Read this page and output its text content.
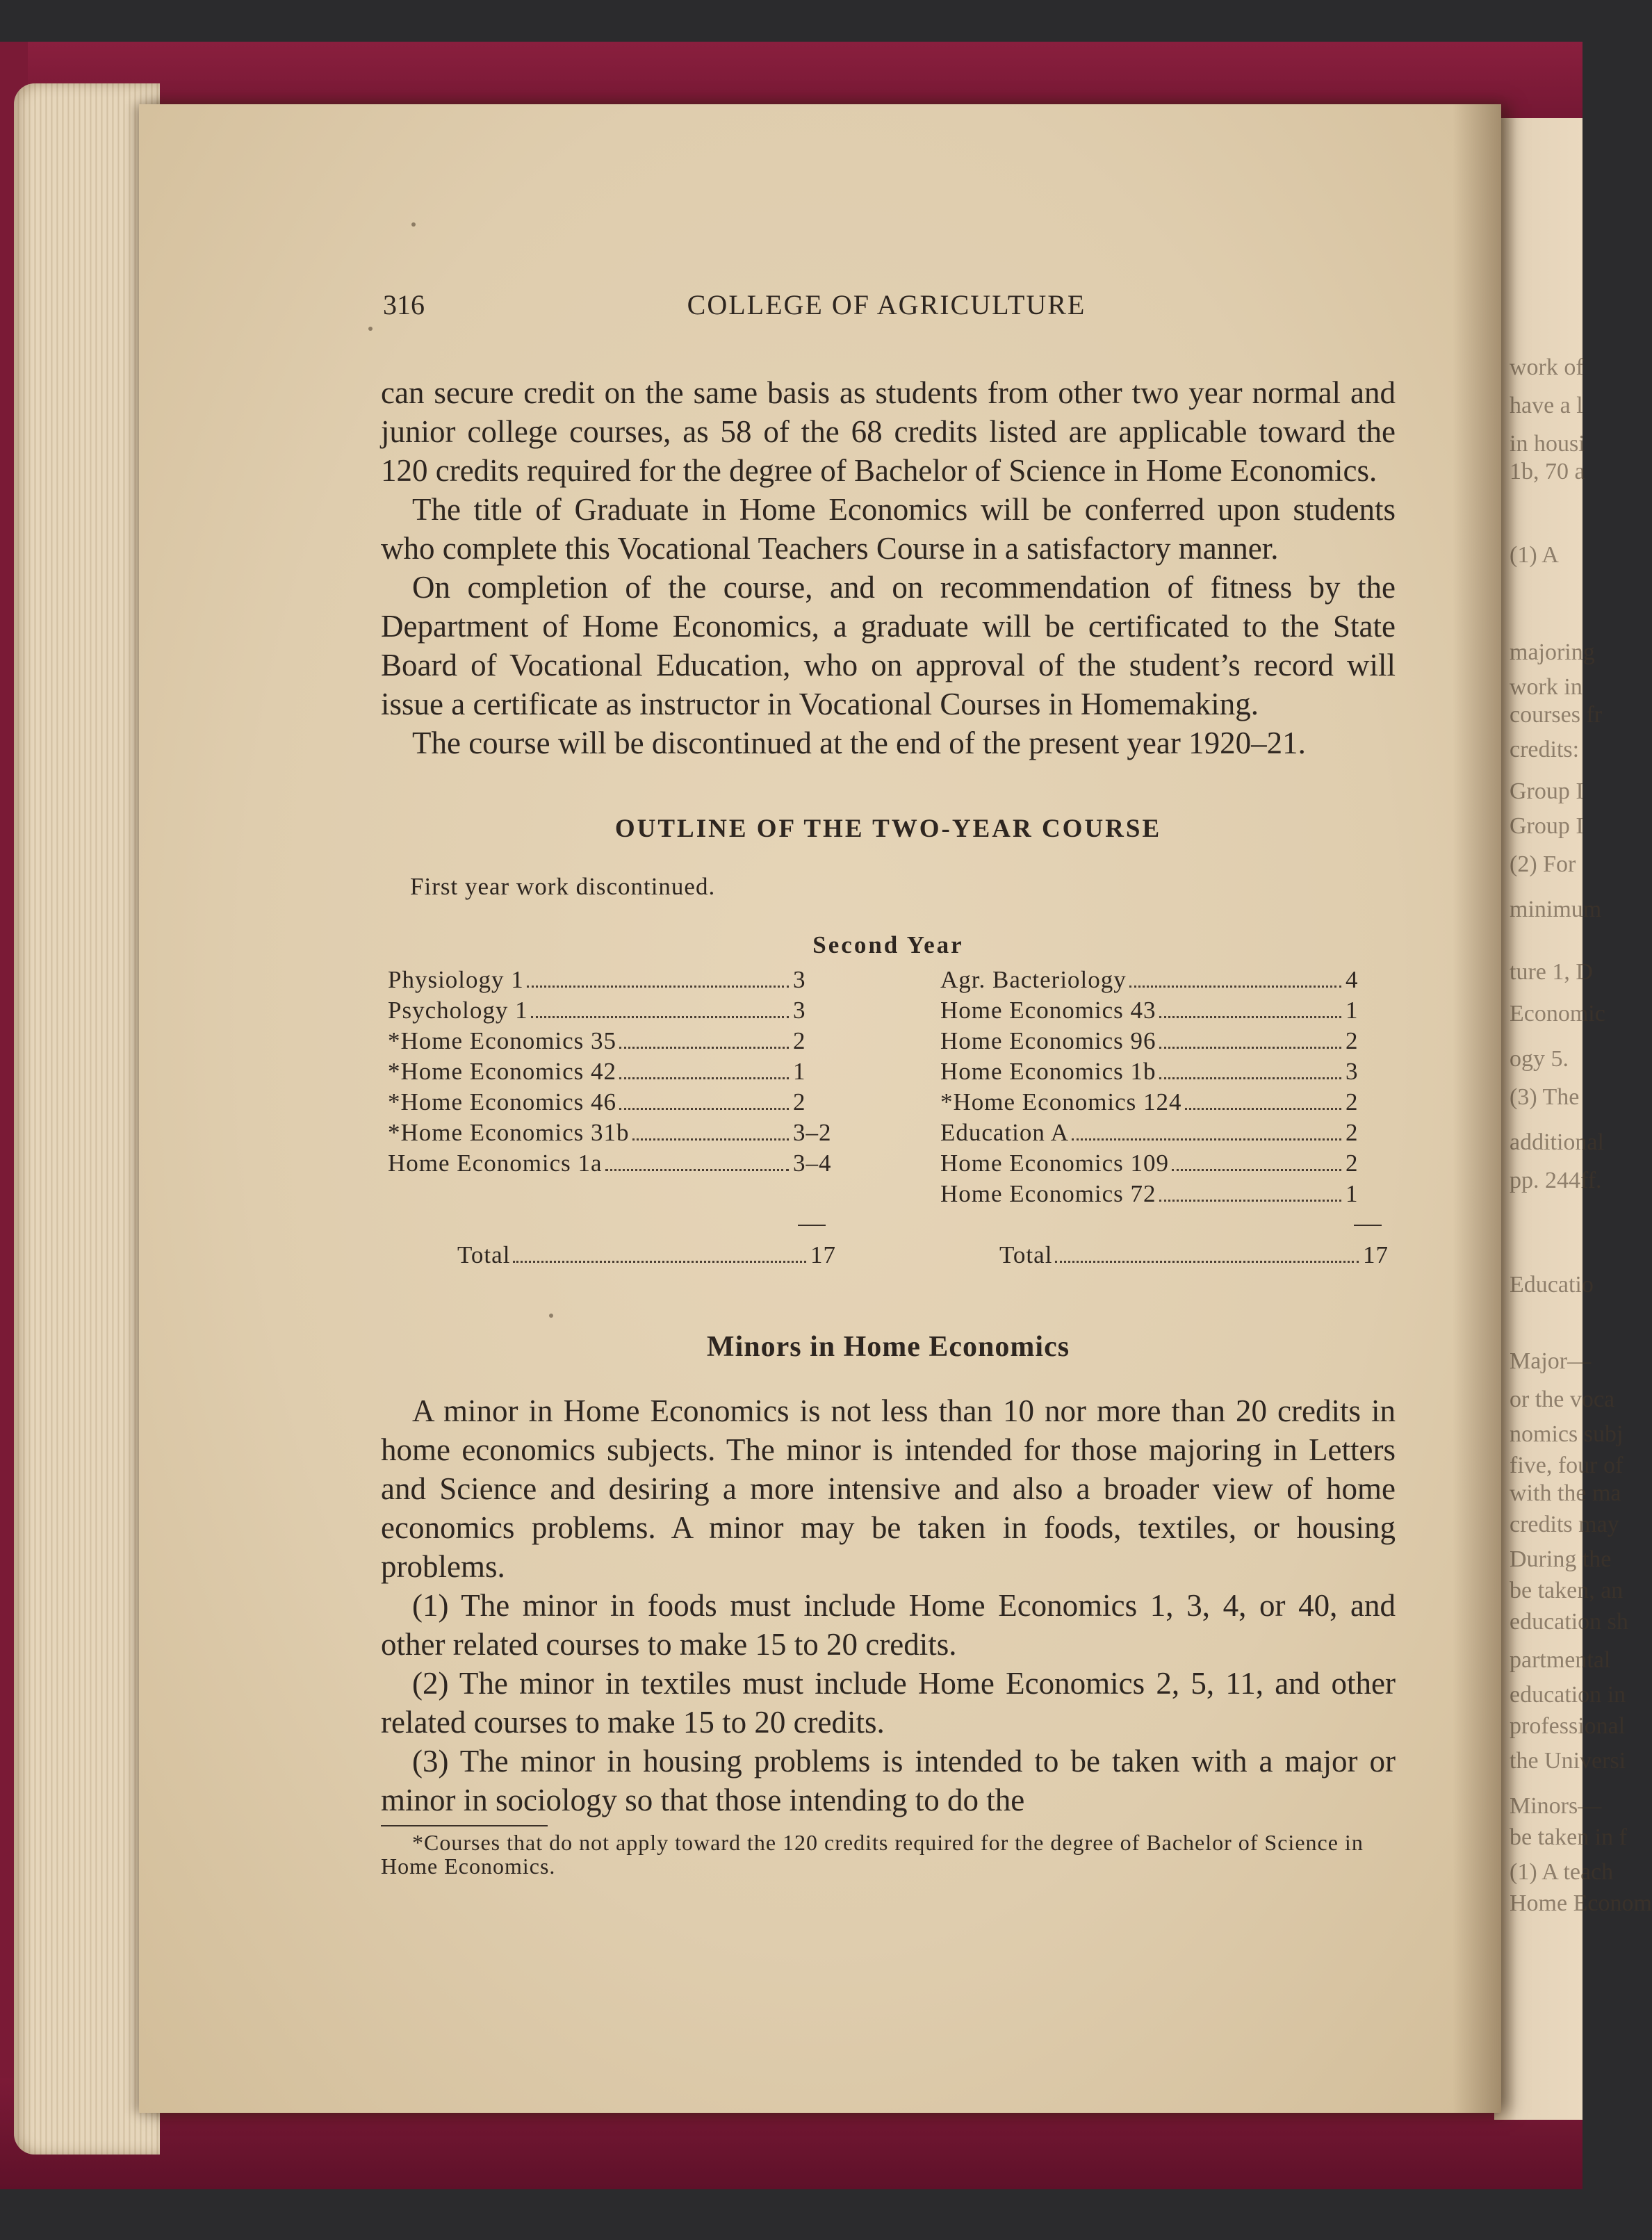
work of
have a l
in housi
1b, 70 a
(1) A
majoring
work in
courses fr
credits:
Group I
Group I
(2) For
minimum
ture 1, D
Economic
ogy 5.
(3) The
additional
pp. 244ff.
Educatio
Major—
or the voca
nomics subj
five, four of
with the ma
credits may
During the
be taken, an
education sh
partmental
education in
professional
the Universi
Minors—
be taken in f
(1) A teach
Home Econom
316	COLLEGE OF AGRICULTURE

can secure credit on the same basis as students from other two year normal and junior college courses, as 58 of the 68 credits listed are applicable toward the 120 credits required for the degree of Bachelor of Science in Home Economics.

The title of Graduate in Home Economics will be conferred upon students who complete this Vocational Teachers Course in a satisfactory manner.

On completion of the course, and on recommendation of fitness by the Department of Home Economics, a graduate will be certificated to the State Board of Vocational Education, who on approval of the student’s record will issue a certificate as instructor in Vocational Courses in Homemaking.

The course will be discontinued at the end of the present year 1920–21.

OUTLINE OF THE TWO-YEAR COURSE
First year work discontinued.
Second Year
Physiology 1	3
Psychology 1	3
*Home Economics 35	2
*Home Economics 42	1
*Home Economics 46	2
*Home Economics 31b	3–2
Home Economics 1a	3–4
Total	17
Agr. Bacteriology	4
Home Economics 43	1
Home Economics 96	2
Home Economics 1b	3
*Home Economics 124	2
Education A	2
Home Economics 109	2
Home Economics 72	1
Total	17
Minors in Home Economics

A minor in Home Economics is not less than 10 nor more than 20 credits in home economics subjects. The minor is intended for those majoring in Letters and Science and desiring a more intensive and also a broader view of home economics problems. A minor may be taken in foods, textiles, or housing problems.

(1) The minor in foods must include Home Economics 1, 3, 4, or 40, and other related courses to make 15 to 20 credits.

(2) The minor in textiles must include Home Economics 2, 5, 11, and other related courses to make 15 to 20 credits.

(3) The minor in housing problems is intended to be taken with a major or minor in sociology so that those intending to do the

*Courses that do not apply toward the 120 credits required for the degree of Bachelor of Science in Home Economics.
